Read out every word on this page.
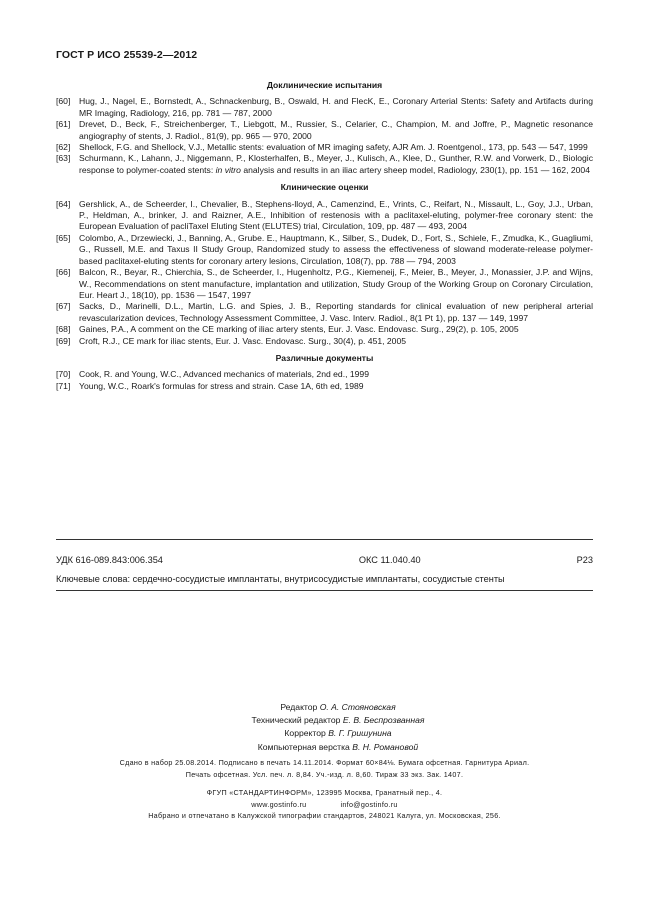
ГОСТ Р ИСО 25539-2—2012
Доклинические испытания
[60]	Hug, J., Nagel, E., Bornstedt, A., Schnackenburg, B., Oswald, H. and FlecK, E., Coronary Arterial Stents: Safety and Artifacts during MR Imaging, Radiology, 216, pp. 781 — 787, 2000
[61]	Drevet, D., Beck, F., Streichenberger, T., Liebgott, M., Russier, S., Celarier, C., Champion, M. and Joffre, P., Magnetic resonance angiography of stents, J. Radiol., 81(9), pp. 965 — 970, 2000
[62]	Shellock, F.G. and Shellock, V.J., Metallic stents: evaluation of MR imaging safety, AJR Am. J. Roentgenol., 173, pp. 543 — 547, 1999
[63]	Schurmann, K., Lahann, J., Niggemann, P., Klosterhalfen, B., Meyer, J., Kulisch, A., Klee, D., Gunther, R.W. and Vorwerk, D., Biologic response to polymer-coated stents: in vitro analysis and results in an iliac artery sheep model, Radiology, 230(1), pp. 151 — 162, 2004
Клинические оценки
[64]	Gershlick, A., de Scheerder, I., Chevalier, B., Stephens-lloyd, A., Camenzind, E., Vrints, C., Reifart, N., Missault, L., Goy, J.J., Urban, P., Heldman, A., brinker, J. and Raizner, A.E., Inhibition of restenosis with a paclitaxel-eluting, polymer-free coronary stent: the European Evaluation of pacliTaxel Eluting Stent (ELUTES) trial, Circulation, 109, pp. 487 — 493, 2004
[65]	Colombo, A., Drzewiecki, J., Banning, A., Grube. E., Hauptmann, K., Silber, S., Dudek, D., Fort, S., Schiele, F., Zmudka, K., Guagliumi, G., Russell, M.E. and Taxus II Study Group, Randomized study to assess the effectiveness of slowand moderate-release polymer-based paclitaxel-eluting stents for coronary artery lesions, Circulation, 108(7), pp. 788 — 794, 2003
[66]	Balcon, R., Beyar, R., Chierchia, S., de Scheerder, I., Hugenholtz, P.G., Kiemeneij, F., Meier, B., Meyer, J., Monassier, J.P. and Wijns, W., Recommendations on stent manufacture, implantation and utilization, Study Group of the Working Group on Coronary Circulation, Eur. Heart J., 18(10), pp. 1536 — 1547, 1997
[67]	Sacks, D., Marinelli, D.L., Martin, L.G. and Spies, J. B., Reporting standards for clinical evaluation of new peripheral arterial revascularization devices, Technology Assessment Committee, J. Vasc. Interv. Radiol., 8(1 Pt 1), pp. 137 — 149, 1997
[68]	Gaines, P.A., A comment on the CE marking of iliac artery stents, Eur. J. Vasc. Endovasc. Surg., 29(2), p. 105, 2005
[69]	Croft, R.J., CE mark for iliac stents, Eur. J. Vasc. Endovasc. Surg., 30(4), p. 451, 2005
Различные документы
[70]	Cook, R. and Young, W.C., Advanced mechanics of materials, 2nd ed., 1999
[71]	Young, W.C., Roark's formulas for stress and strain. Case 1A, 6th ed, 1989
УДК 616-089.843:006.354	ОКС 11.040.40	Р23
Ключевые слова: сердечно-сосудистые имплантаты, внутрисосудистые имплантаты, сосудистые стенты
Редактор О. А. Стояновская
Технический редактор Е. В. Беспрозванная
Корректор В. Г. Гришунина
Компьютерная верстка В. Н. Романовой
Сдано в набор 25.08.2014. Подписано в печать 14.11.2014. Формат 60×84⅛. Бумага офсетная. Гарнитура Ариал.
Печать офсетная. Усл. печ. л. 8,84. Уч.-изд. л. 8,60. Тираж 33 экз. Зак. 1407.
ФГУП «СТАНДАРТИНФОРМ», 123995 Москва, Гранатный пер., 4.
www.gostinfo.ru	info@gostinfo.ru
Набрано и отпечатано в Калужской типографии стандартов, 248021 Калуга, ул. Московская, 256.
